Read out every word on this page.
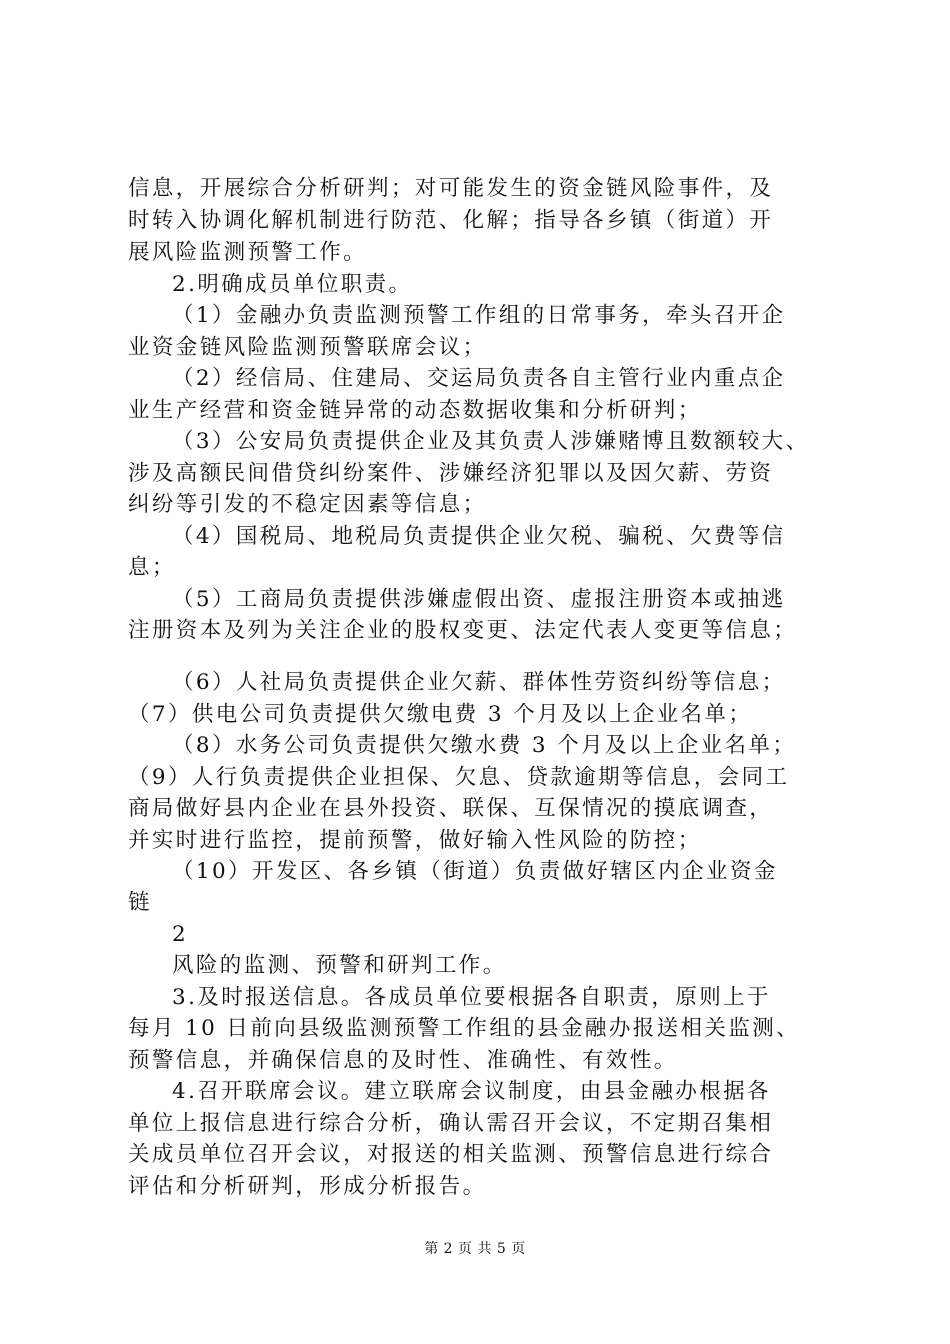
信息，开展综合分析研判；对可能发生的资金链风险事件，及
时转入协调化解机制进行防范、化解；指导各乡镇（街道）开
展风险监测预警工作。
2.明确成员单位职责。
（1）金融办负责监测预警工作组的日常事务，牵头召开企
业资金链风险监测预警联席会议；
（2）经信局、住建局、交运局负责各自主管行业内重点企
业生产经营和资金链异常的动态数据收集和分析研判；
（3）公安局负责提供企业及其负责人涉嫌赌博且数额较大、
涉及高额民间借贷纠纷案件、涉嫌经济犯罪以及因欠薪、劳资
纠纷等引发的不稳定因素等信息；
（4）国税局、地税局负责提供企业欠税、骗税、欠费等信
息；
（5）工商局负责提供涉嫌虚假出资、虚报注册资本或抽逃
注册资本及列为关注企业的股权变更、法定代表人变更等信息；
（6）人社局负责提供企业欠薪、群体性劳资纠纷等信息；
（7）供电公司负责提供欠缴电费 3 个月及以上企业名单；
（8）水务公司负责提供欠缴水费 3 个月及以上企业名单；
（9）人行负责提供企业担保、欠息、贷款逾期等信息，会同工
商局做好县内企业在县外投资、联保、互保情况的摸底调查，
并实时进行监控，提前预警，做好输入性风险的防控；
（10）开发区、各乡镇（街道）负责做好辖区内企业资金
链
2
风险的监测、预警和研判工作。
3.及时报送信息。各成员单位要根据各自职责，原则上于
每月 10 日前向县级监测预警工作组的县金融办报送相关监测、
预警信息，并确保信息的及时性、准确性、有效性。
4.召开联席会议。建立联席会议制度，由县金融办根据各
单位上报信息进行综合分析，确认需召开会议，不定期召集相
关成员单位召开会议，对报送的相关监测、预警信息进行综合
评估和分析研判，形成分析报告。
第 2 页 共 5 页
